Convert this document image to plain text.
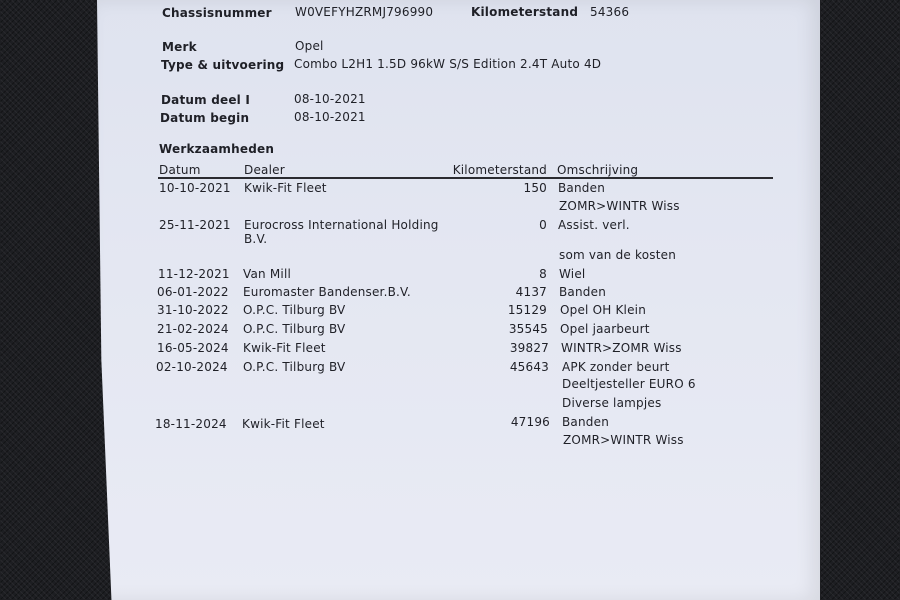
Chassisnummer W0VEFYHZRMJ796990	Kilometerstand 54366
Merk	Opel
Type & uitvoering Combo L2H1 1.5D 96kW S/S Edition 2.4T Auto 4D
Datum deel I	08-10-2021
Datum begin	08-10-2021
Werkzaamheden
Datum	Dealer	Kilometerstand Omschrijving
10-10-2021 Kwik-Fit Fleet	150 Banden
ZOMR>WINTR Wiss
25-11-2021 Eurocross International Holding	0 Assist. verl.
B.V.
som van de kosten
11-12-2021 Van Mill	8 Wiel
06-01-2022 Euromaster Bandenser.B.V.	4137 Banden
31-10-2022 O.P.C. Tilburg BV	15129 Opel OH Klein
21-02-2024 O.P.C. Tilburg BV	35545 Opel jaarbeurt
16-05-2024 Kwik-Fit Fleet	39827 WINTR>ZOMR Wiss
02-10-2024 O.P.C. Tilburg BV	45643 APK zonder beurt
Deeltjesteller EURO 6
Diverse lampjes
18-11-2024 Kwik-Fit Fleet	47196 Banden
ZOMR>WINTR Wiss
